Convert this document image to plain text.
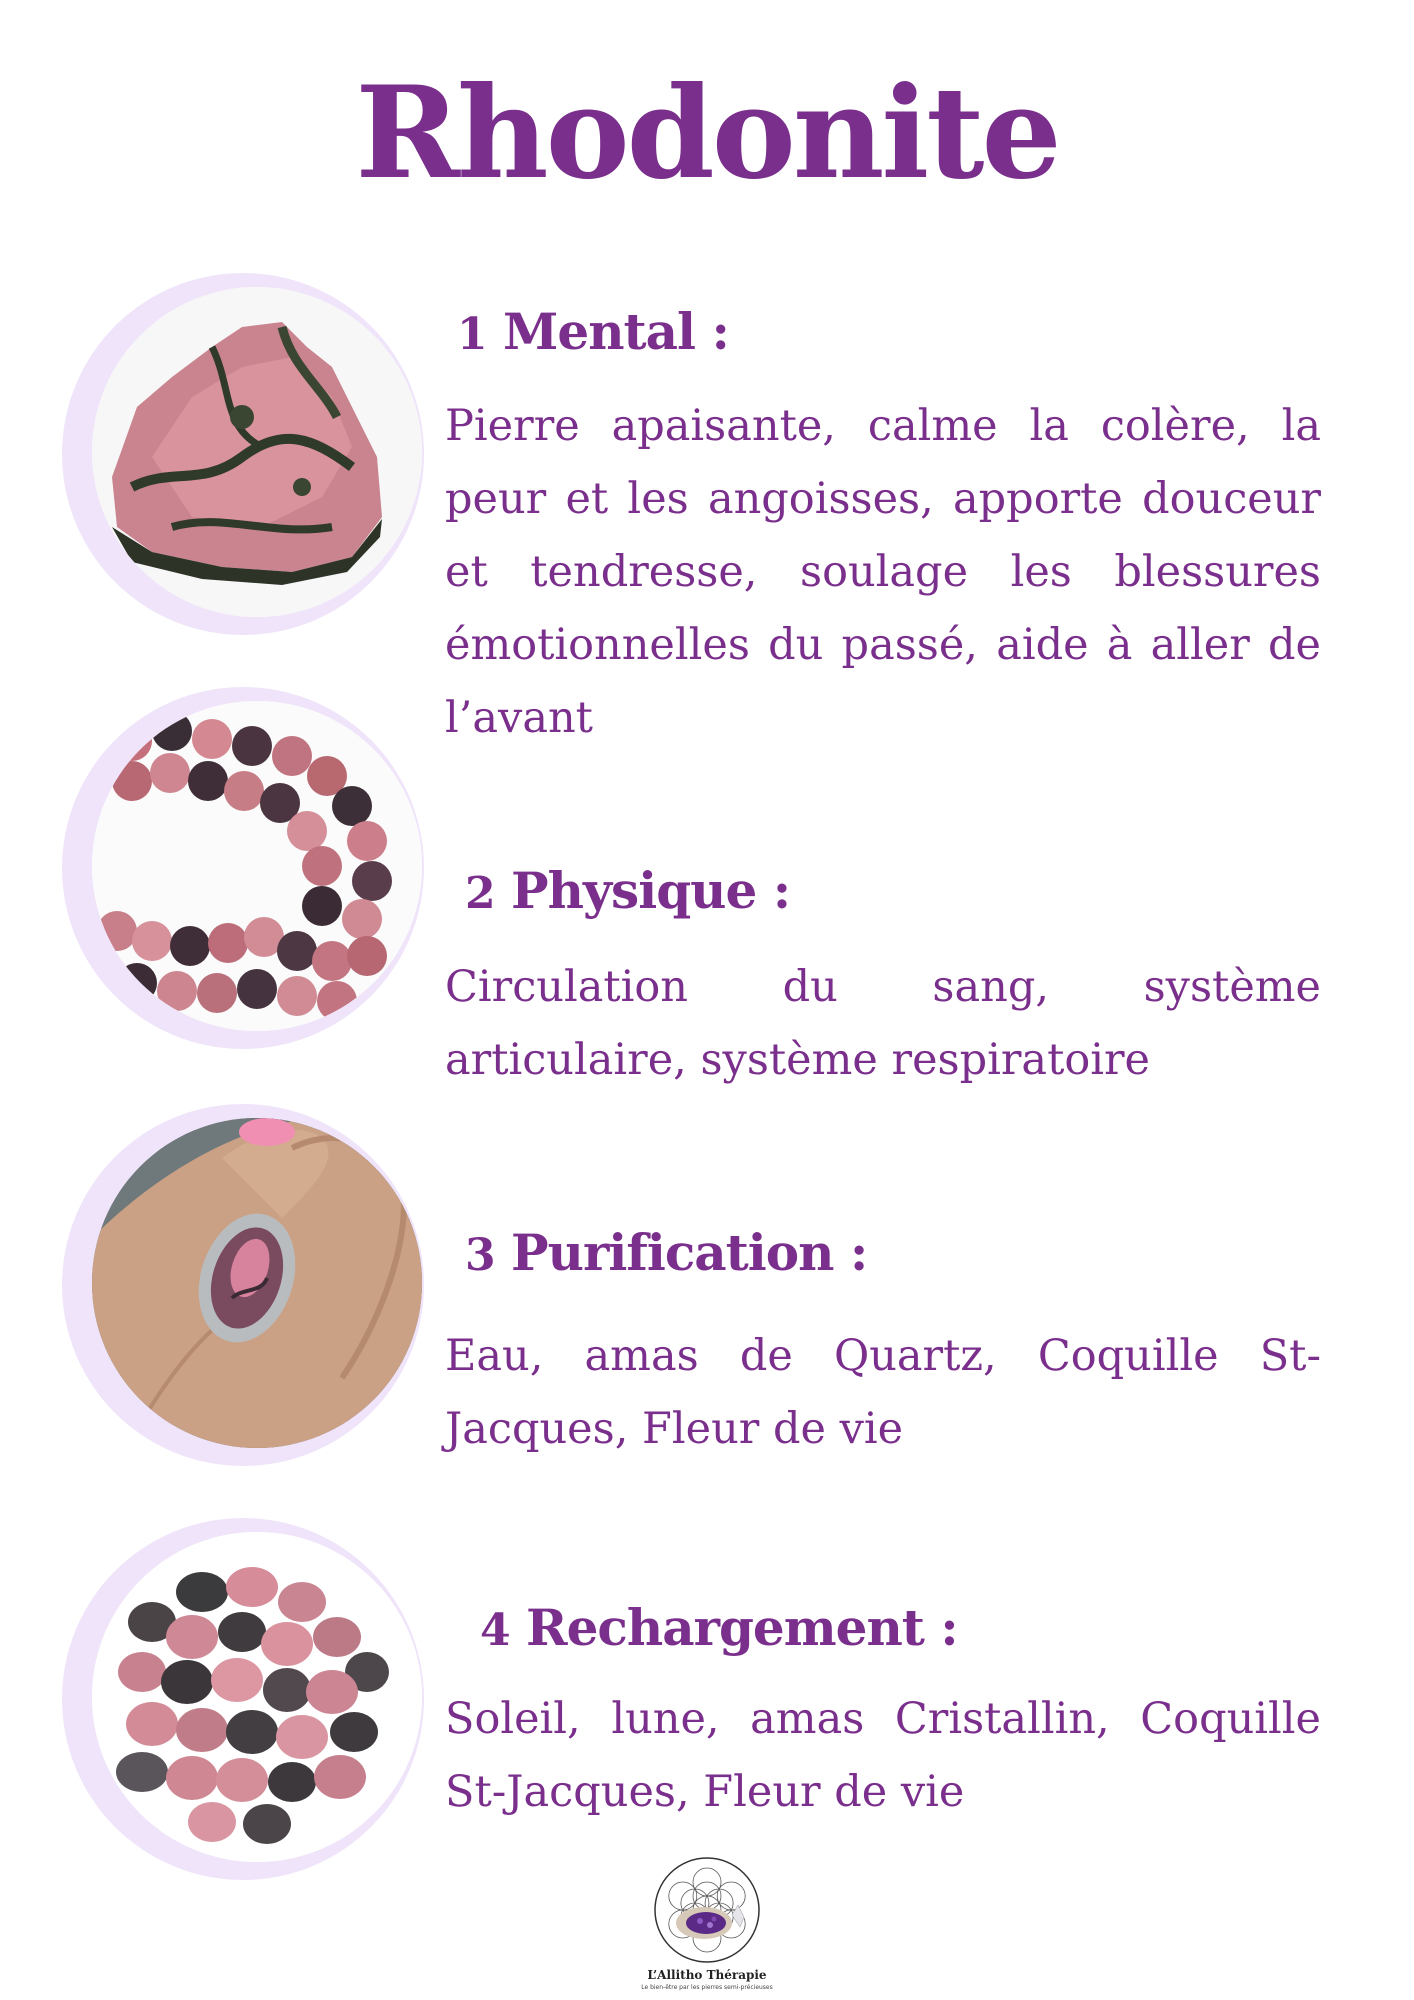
Rhodonite
1 Mental :
Pierre apaisante, calme la colère, la peur et les angoisses, apporte douceur et tendresse, soulage les blessures émotionnelles du passé, aide à aller de l’avant
2 Physique :
Circulation du sang, système articulaire, système respiratoire
3 Purification :
Eau, amas de Quartz, Coquille St-Jacques, Fleur de vie
4 Rechargement :
Soleil, lune, amas Cristallin, Coquille St-Jacques, Fleur de vie
L’Allitho Thérapie
Le bien-être par les pierres semi-précieuses
